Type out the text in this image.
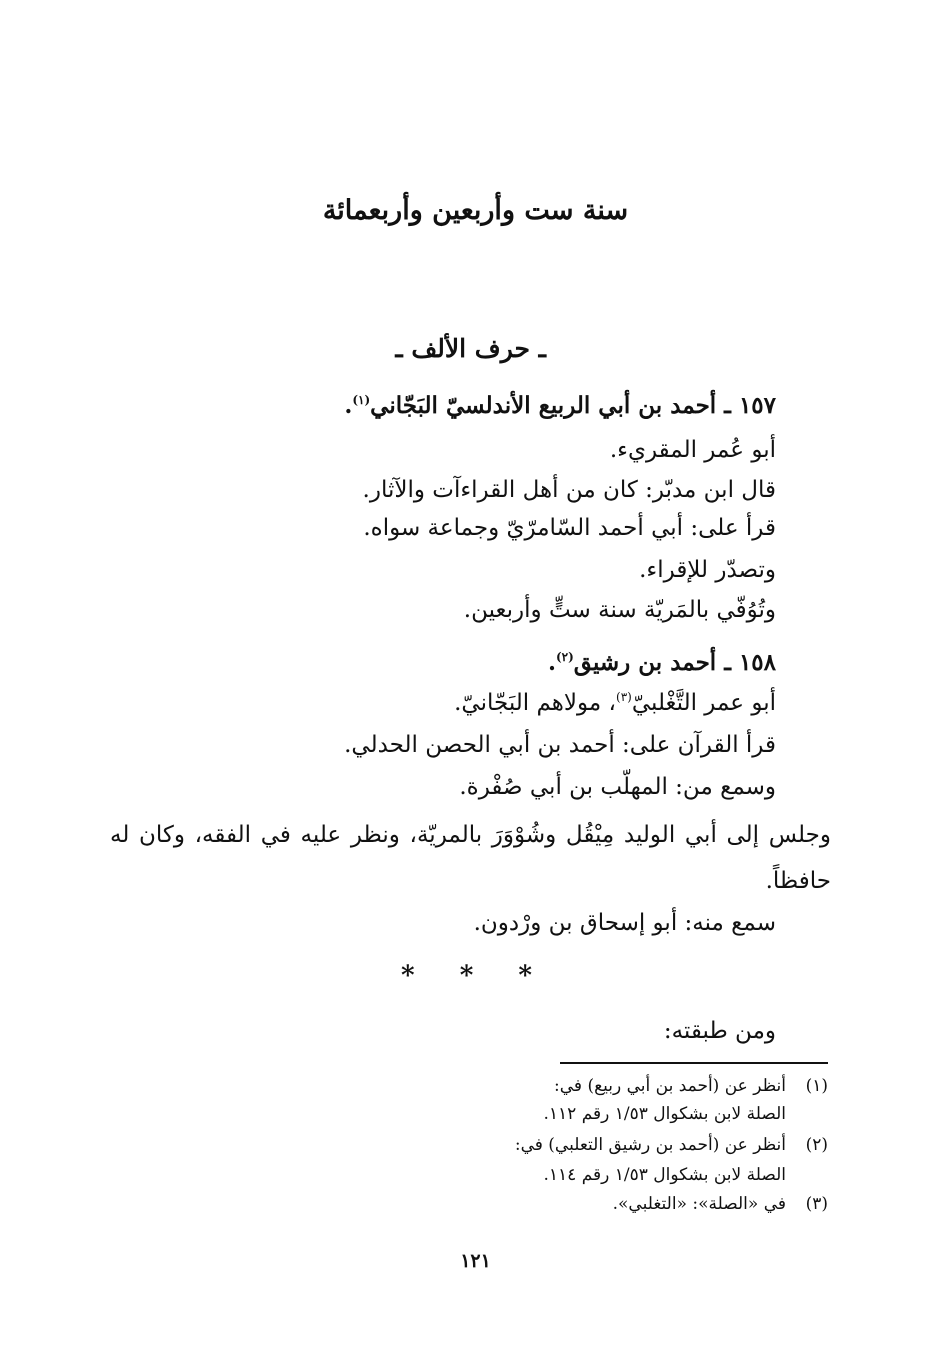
سنة ست وأربعين وأربعمائة
ـ حرف الألف ـ
١٥٧ ـ أحمد بن أبي الربيع الأندلسيّ البَجّاني$^{(١)}$.
أبو عُمر المقريء.
قال ابن مدبّر: كان من أهل القراءآت والآثار.
قرأ على: أبي أحمد السّامرّيّ وجماعة سواه.
وتصدّر للإقراء.
وتُوُفّي بالمَريّة سنة ستٍّ وأربعين.
١٥٨ ـ أحمد بن رشيق$^{(٢)}$.
أبو عمر التَّغْلبيّ$^{(٣)}$، مولاهم البَجّانيّ.
قرأ القرآن على: أحمد بن أبي الحصن الحدلي.
وسمع من: المهلّب بن أبي صُفْرة.
وجلس إلى أبي الوليد مِيْقُل وشُوْوَرَ بالمريّة، ونظر عليه في الفقه، وكان له حافظاً.
سمع منه: أبو إسحاق بن ورْدون.
* * *
ومن طبقته:
(١)أنظر عن (أحمد بن أبي ربيع) في:
الصلة لابن بشكوال ١/٥٣ رقم ١١٢.
(٢)أنظر عن (أحمد بن رشيق التعلبي) في:
الصلة لابن بشكوال ١/٥٣ رقم ١١٤.
(٣)في «الصلة»: «التغلبي».
١٢١
